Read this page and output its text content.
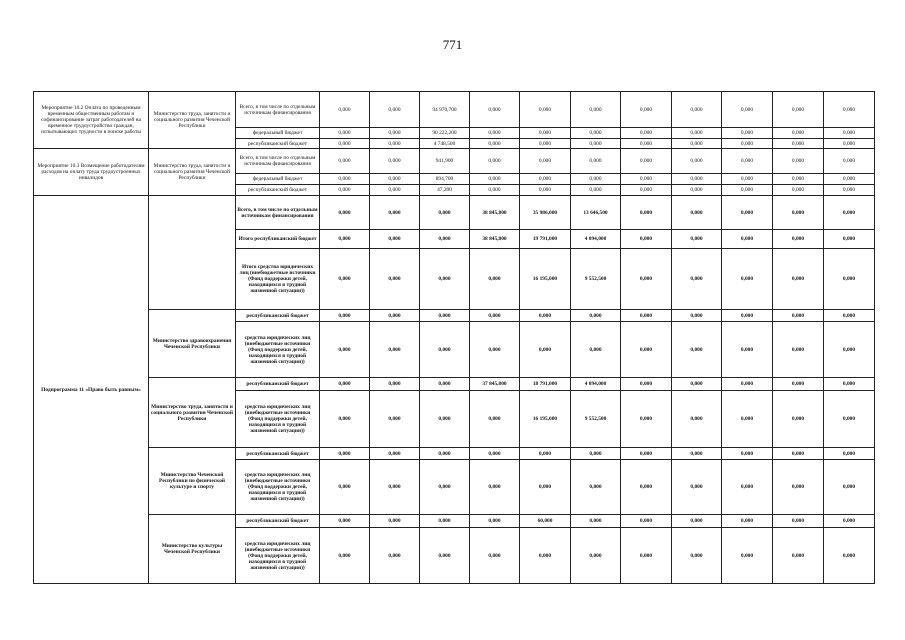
771
Мероприятие 10.2 Оплата по проведенным временным общественным работам и софинансирование затрат работодателей на временное трудоустройство граждан, испытывающих трудности в поиске работы	Министерство труда, занятости и социального развития Чеченской Республики	Всего, в том числе по отдельным источникам финансирования	0,000	0,000	94 970,700	0,000	0,000	0,000	0,000	0,000	0,000	0,000	0,000
		федеральный бюджет	0,000	0,000	90 222,200	0,000	0,000	0,000	0,000	0,000	0,000	0,000	0,000
		республиканский бюджет	0,000	0,000	4 748,500	0,000	0,000	0,000	0,000	0,000	0,000	0,000	0,000
Мероприятие 10.3 Возмещение работодателям расходов на оплату труда трудоустроенных инвалидов	Министерство труда, занятости и социального развития Чеченской Республики	Всего, в том числе по отдельным источникам финансирования	0,000	0,000	941,900	0,000	0,000	0,000	0,000	0,000	0,000	0,000	0,000
		федеральный бюджет	0,000	0,000	894,700	0,000	0,000	0,000	0,000	0,000	0,000	0,000	0,000
		республиканский бюджет	0,000	0,000	47,200	0,000	0,000	0,000	0,000	0,000	0,000	0,000	0,000
Подпрограмма 11 «Право быть равным»		Всего, в том числе по отдельным источникам финансирования	0,000	0,000	0,000	38 845,800	35 986,000	13 646,500	0,000	0,000	0,000	0,000	0,000
		Итого республиканский бюджет	0,000	0,000	0,000	38 845,800	19 791,000	4 094,000	0,000	0,000	0,000	0,000	0,000
		Итого средства юридических лиц (внебюджетные источники (Фонд поддержки детей, находящихся в трудной жизненной ситуации))	0,000	0,000	0,000	0,000	16 195,000	9 552,500	0,000	0,000	0,000	0,000	0,000
	Министерство здравоохранения Чеченской Республики	республиканский бюджет	0,000	0,000	0,000	0,000	0,000	0,000	0,000	0,000	0,000	0,000	0,000
		средства юридических лиц (внебюджетные источники (Фонд поддержки детей, находящихся в трудной жизненной ситуации))	0,000	0,000	0,000	0,000	0,000	0,000	0,000	0,000	0,000	0,000	0,000
	Министерство труда, занятости и социального развития Чеченской Республики	республиканский бюджет	0,000	0,000	0,000	37 845,800	18 791,000	4 094,000	0,000	0,000	0,000	0,000	0,000
		средства юридических лиц (внебюджетные источники (Фонд поддержки детей, находящихся в трудной жизненной ситуации))	0,000	0,000	0,000	0,000	16 195,000	9 552,500	0,000	0,000	0,000	0,000	0,000
	Министерство Чеченской Республики по физической культуре и спорту	республиканский бюджет	0,000	0,000	0,000	0,000	0,000	0,000	0,000	0,000	0,000	0,000	0,000
		средства юридических лиц (внебюджетные источники (Фонд поддержки детей, находящихся в трудной жизненной ситуации))	0,000	0,000	0,000	0,000	0,000	0,000	0,000	0,000	0,000	0,000	0,000
	Министерство культуры Чеченской Республики	республиканский бюджет	0,000	0,000	0,000	0,000	60,000	0,000	0,000	0,000	0,000	0,000	0,000
		средства юридических лиц (внебюджетные источники (Фонд поддержки детей, находящихся в трудной жизненной ситуации))	0,000	0,000	0,000	0,000	0,000	0,000	0,000	0,000	0,000	0,000	0,000
